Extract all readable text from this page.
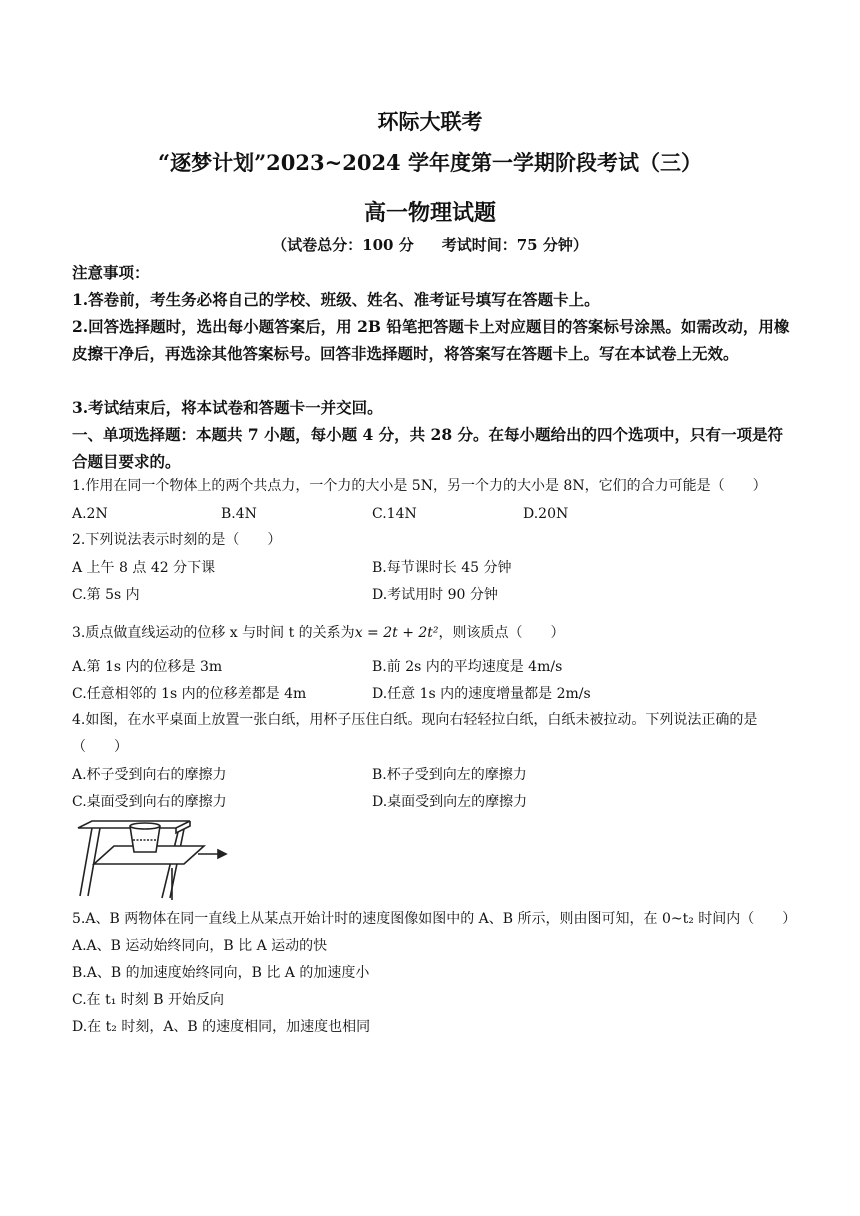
环际大联考
“逐梦计划”2023~2024 学年度第一学期阶段考试（三）
高一物理试题
（试卷总分：100 分 考试时间：75 分钟）
注意事项：
1.答卷前，考生务必将自己的学校、班级、姓名、准考证号填写在答题卡上。
2.回答选择题时，选出每小题答案后，用 2B 铅笔把答题卡上对应题目的答案标号涂黑。如需改动，用橡皮擦干净后，再选涂其他答案标号。回答非选择题时，将答案写在答题卡上。写在本试卷上无效。
3.考试结束后，将本试卷和答题卡一并交回。
一、单项选择题：本题共 7 小题，每小题 4 分，共 28 分。在每小题给出的四个选项中，只有一项是符合题目要求的。
1.作用在同一个物体上的两个共点力，一个力的大小是 5N，另一个力的大小是 8N，它们的合力可能是（　　）
A.2N	B.4N	C.14N	D.20N
2.下列说法表示时刻的是（　　）
A 上午 8 点 42 分下课	B.每节课时长 45 分钟
C.第 5s 内	D.考试用时 90 分钟
3.质点做直线运动的位移 x 与时间 t 的关系为x = 2t + 2t²，则该质点（　　）
A.第 1s 内的位移是 3m	B.前 2s 内的平均速度是 4m/s
C.任意相邻的 1s 内的位移差都是 4m	D.任意 1s 内的速度增量都是 2m/s
4.如图，在水平桌面上放置一张白纸，用杯子压住白纸。现向右轻轻拉白纸，白纸未被拉动。下列说法正确的是（　　）
A.杯子受到向右的摩擦力	B.杯子受到向左的摩擦力
C.桌面受到向右的摩擦力	D.桌面受到向左的摩擦力
5.A、B 两物体在同一直线上从某点开始计时的速度图像如图中的 A、B 所示，则由图可知，在 0~t₂ 时间内（　　）
A.A、B 运动始终同向，B 比 A 运动的快
B.A、B 的加速度始终同向，B 比 A 的加速度小
C.在 t₁ 时刻 B 开始反向
D.在 t₂ 时刻，A、B 的速度相同，加速度也相同
